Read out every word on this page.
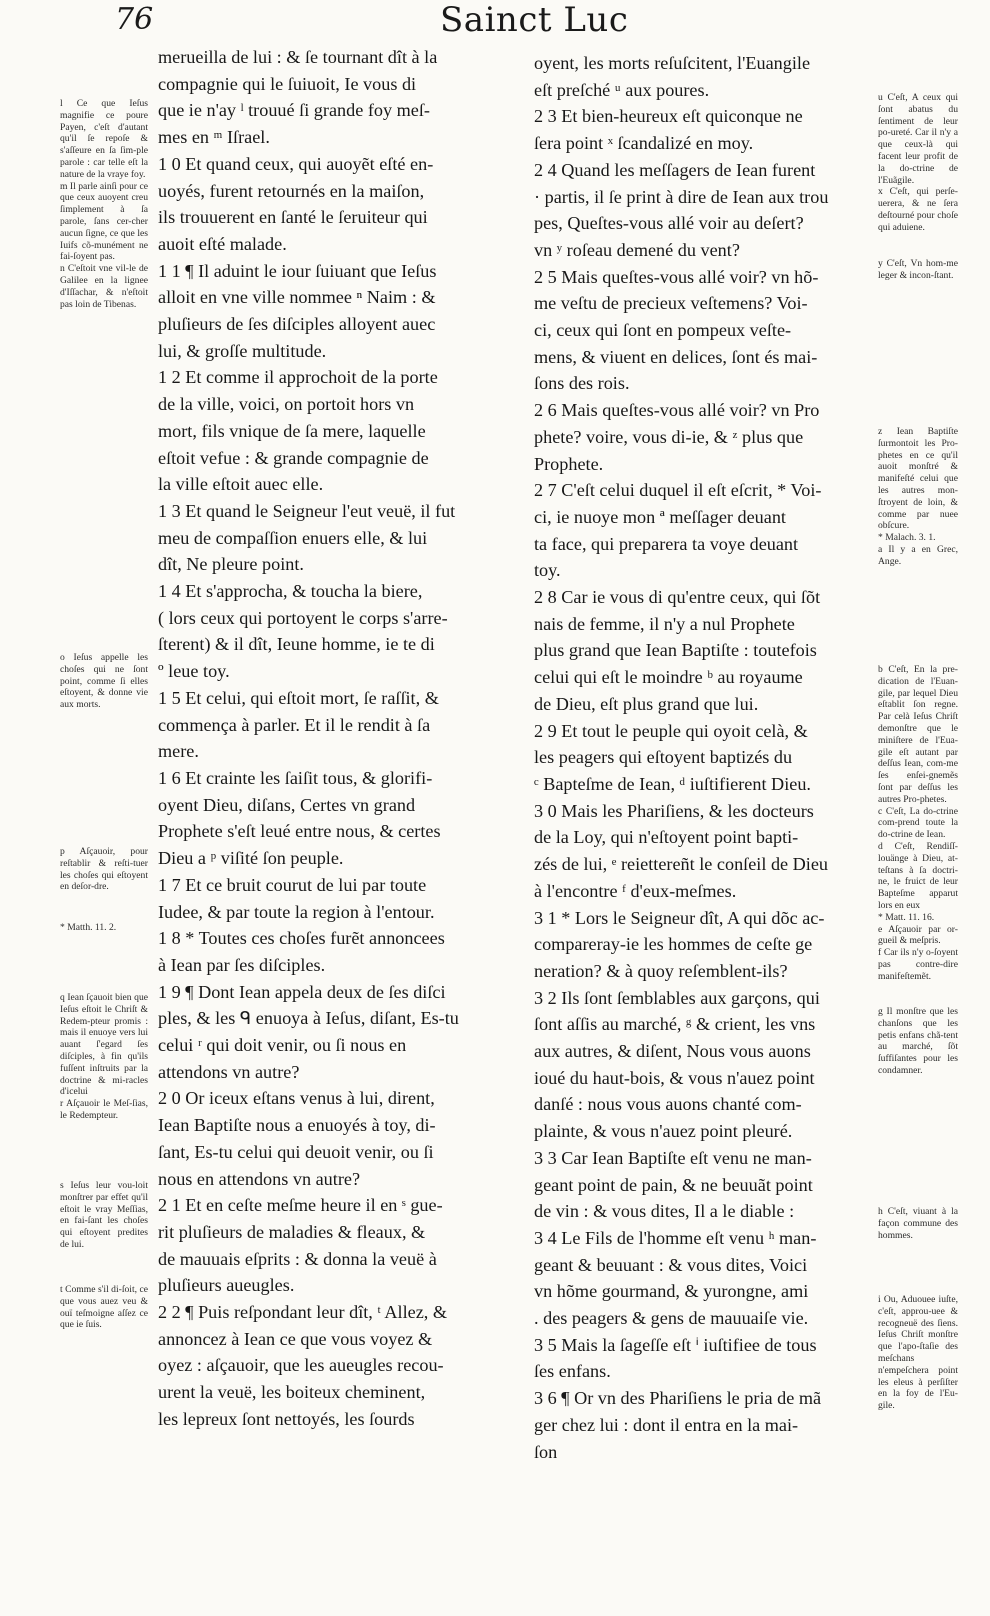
76	Sainct Luc

merueilla de lui : & ſe tournant dît à la
compagnie qui le ſuiuoit, Ie vous di
que ie n'ay ˡ trouué ſi grande foy meſ-
mes en ᵐ Iſrael.

1 0 Et quand ceux, qui auoyẽt eſté en-
uoyés, furent retournés en la maiſon,
ils trouuerent en ſanté le ſeruiteur qui
auoit eſté malade.

1 1 ¶ Il aduint le iour ſuiuant que Ieſus
alloit en vne ville nommee ⁿ Naim : &
pluſieurs de ſes diſciples alloyent auec
lui, & groſſe multitude.

1 2 Et comme il approchoit de la porte
de la ville, voici, on portoit hors vn
mort, fils vnique de ſa mere, laquelle
eſtoit vefue : & grande compagnie de
la ville eſtoit auec elle.

1 3 Et quand le Seigneur l'eut veuë, il fut
meu de compaſſion enuers elle, & lui
dît, Ne pleure point.

1 4 Et s'approcha, & toucha la biere,
( lors ceux qui portoyent le corps s'arre-
ſterent) & il dît, Ieune homme, ie te di
º leue toy.

1 5 Et celui, qui eſtoit mort, ſe raſſit, &
commença à parler. Et il le rendit à ſa
mere.

1 6 Et crainte les ſaiſit tous, & glorifi-
oyent Dieu, diſans, Certes vn grand
Prophete s'eſt leué entre nous, & certes
Dieu a ᵖ viſité ſon peuple.

1 7 Et ce bruit courut de lui par toute
Iudee, & par toute la region à l'entour.

1 8 * Toutes ces choſes furẽt annoncees
à Iean par ſes diſciples.

1 9 ¶ Dont Iean appela deux de ſes diſci
ples, & les ᑫ enuoya à Ieſus, diſant, Es-tu
celui ʳ qui doit venir, ou ſi nous en
attendons vn autre?

2 0 Or iceux eſtans venus à lui, dirent,
Iean Baptiſte nous a enuoyés à toy, di-
ſant, Es-tu celui qui deuoit venir, ou ſi
nous en attendons vn autre?

2 1 Et en ceſte meſme heure il en ˢ gue-
rit pluſieurs de maladies & fleaux, &
de mauuais eſprits : & donna la veuë à
pluſieurs aueugles.

2 2 ¶ Puis reſpondant leur dît, ᵗ Allez, &
annoncez à Iean ce que vous voyez &
oyez : aſçauoir, que les aueugles recou-
urent la veuë, les boiteux cheminent,
les lepreux ſont nettoyés, les ſourds

oyent, les morts reſuſcitent, l'Euangile
eſt preſché ᵘ aux poures.

2 3 Et bien-heureux eſt quiconque ne
ſera point ˣ ſcandalizé en moy.

2 4 Quand les meſſagers de Iean furent
· partis, il ſe print à dire de Iean aux trou
pes, Queſtes-vous allé voir au deſert?
vn ʸ roſeau demené du vent?

2 5 Mais queſtes-vous allé voir? vn hõ-
me veſtu de precieux veſtemens? Voi-
ci, ceux qui ſont en pompeux veſte-
mens, & viuent en delices, ſont és mai-
ſons des rois.

2 6 Mais queſtes-vous allé voir? vn Pro
phete? voire, vous di-ie, & ᶻ plus que
Prophete.

2 7 C'eſt celui duquel il eſt eſcrit, * Voi-
ci, ie nuoye mon ª meſſager deuant
ta face, qui preparera ta voye deuant
toy.

2 8 Car ie vous di qu'entre ceux, qui ſõt
nais de femme, il n'y a nul Prophete
plus grand que Iean Baptiſte : toutefois
celui qui eſt le moindre ᵇ au royaume
de Dieu, eſt plus grand que lui.

2 9 Et tout le peuple qui oyoit celà, &
les peagers qui eſtoyent baptizés du
ᶜ Bapteſme de Iean, ᵈ iuſtifierent Dieu.

3 0 Mais les Phariſiens, & les docteurs
de la Loy, qui n'eſtoyent point bapti-
zés de lui, ᵉ reiettereñt le conſeil de Dieu
à l'encontre ᶠ d'eux-meſmes.

3 1 * Lors le Seigneur dît, A qui dõc ac-
compareray-ie les hommes de ceſte ge
neration? & à quoy reſemblent-ils?

3 2 Ils ſont ſemblables aux garçons, qui
ſont aſſis au marché, ᵍ & crient, les vns
aux autres, & diſent, Nous vous auons
ioué du haut-bois, & vous n'auez point
danſé : nous vous auons chanté com-
plainte, & vous n'auez point pleuré.

3 3 Car Iean Baptiſte eſt venu ne man-
geant point de pain, & ne beuuãt point
de vin : & vous dites, Il a le diable :

3 4 Le Fils de l'homme eſt venu ʰ man-
geant & beuuant : & vous dites, Voici
vn hõme gourmand, & yurongne, ami
. des peagers & gens de mauuaiſe vie.

3 5 Mais la ſageſſe eſt ⁱ iuſtifiee de tous
ſes enfans.

3 6 ¶ Or vn des Phariſiens le pria de mã
ger chez lui : dont il entra en la mai-
ſon

l Ce que Ieſus magnifie ce poure Payen, c'eſt d'autant qu'il ſe repoſe & s'aſſeure en ſa ſim-ple parole : car telle eſt la nature de la vraye foy.
m Il parle ainſi pour ce que ceux auoyent creu ſimplement à ſa parole, ſans cer-cher aucun ſigne, ce que les Iuifs cõ-munément ne fai-ſoyent pas.
n C'eſtoit vne vil-le de Galilee en la lignee d'Iſſachar, & n'eſtoit pas loin de Tibenas.
o Ieſus appelle les choſes qui ne ſont point, comme ſi elles eſtoyent, & donne vie aux morts.
p Aſçauoir, pour reſtablir & reſti-tuer les choſes qui eſtoyent en deſor-dre.
* Matth. 11. 2.
q Iean ſçauoit bien que Ieſus eſtoit le Chriſt & Redem-pteur promis : mais il enuoye vers lui auant ſ'egard ſes diſciples, à fin qu'ils fuſſent inſtruits par la doctrine & mi-racles d'icelui
r Aſçauoir le Meſ-ſias, le Redempteur.
s Ieſus leur vou-loit monſtrer par effet qu'il eſtoit le vray Meſſias, en fai-ſant les choſes qui eſtoyent predites de lui.
t Comme s'il di-ſoit, ce que vous auez veu & ouï teſmoigne aſſez ce que ie ſuis.
u C'eſt, A ceux qui ſont abatus du ſentiment de leur po-ureté. Car il n'y a que ceux-là qui facent leur profit de la do-ctrine de l'Euãgile.
x C'eſt, qui perſe-uerera, & ne ſera deſtourné pour choſe qui aduiene.
y C'eſt, Vn hom-me leger & incon-ſtant.
z Iean Baptiſte ſurmontoit les Pro-phetes en ce qu'il auoit monſtré & manifeſté celui que les autres mon-ſtroyent de loin, & comme par nuee obſcure.
* Malach. 3. 1.
a Il y a en Grec, Ange.
b C'eſt, En la pre-dication de l'Euan-gile, par lequel Dieu eſtablit ſon regne. Par celà Ieſus Chriſt demonſtre que le miniſtere de l'Eua-gile eſt autant par deſſus Iean, com-me ſes enſei-gnemẽs ſont par deſſus les autres Pro-phetes.
c C'eſt, La do-ctrine com-prend toute la do-ctrine de Iean.
d C'eſt, Rendiſſ-louänge à Dieu, at-teſtans à ſa doctri-ne, le fruict de leur Bapteſme apparut lors en eux
* Matt. 11. 16.
e Aſçauoir par or-gueil & meſpris.
f Car ils n'y o-ſoyent pas contre-dire manifeſtemẽt.
g Il monſtre que les chanſons que les petis enfans chã-tent au marché, ſõt ſuffiſantes pour les condamner.
h C'eſt, viuant à la façon commune des hommes.
i Ou, Aduouee iuſte, c'eſt, approu-uee & recogneuë des ſiens. Ieſus Chriſt monſtre que l'apo-ſtaſie des meſchans n'empeſchera point les eleus à perſiſter en la foy de l'Eu-gile.
